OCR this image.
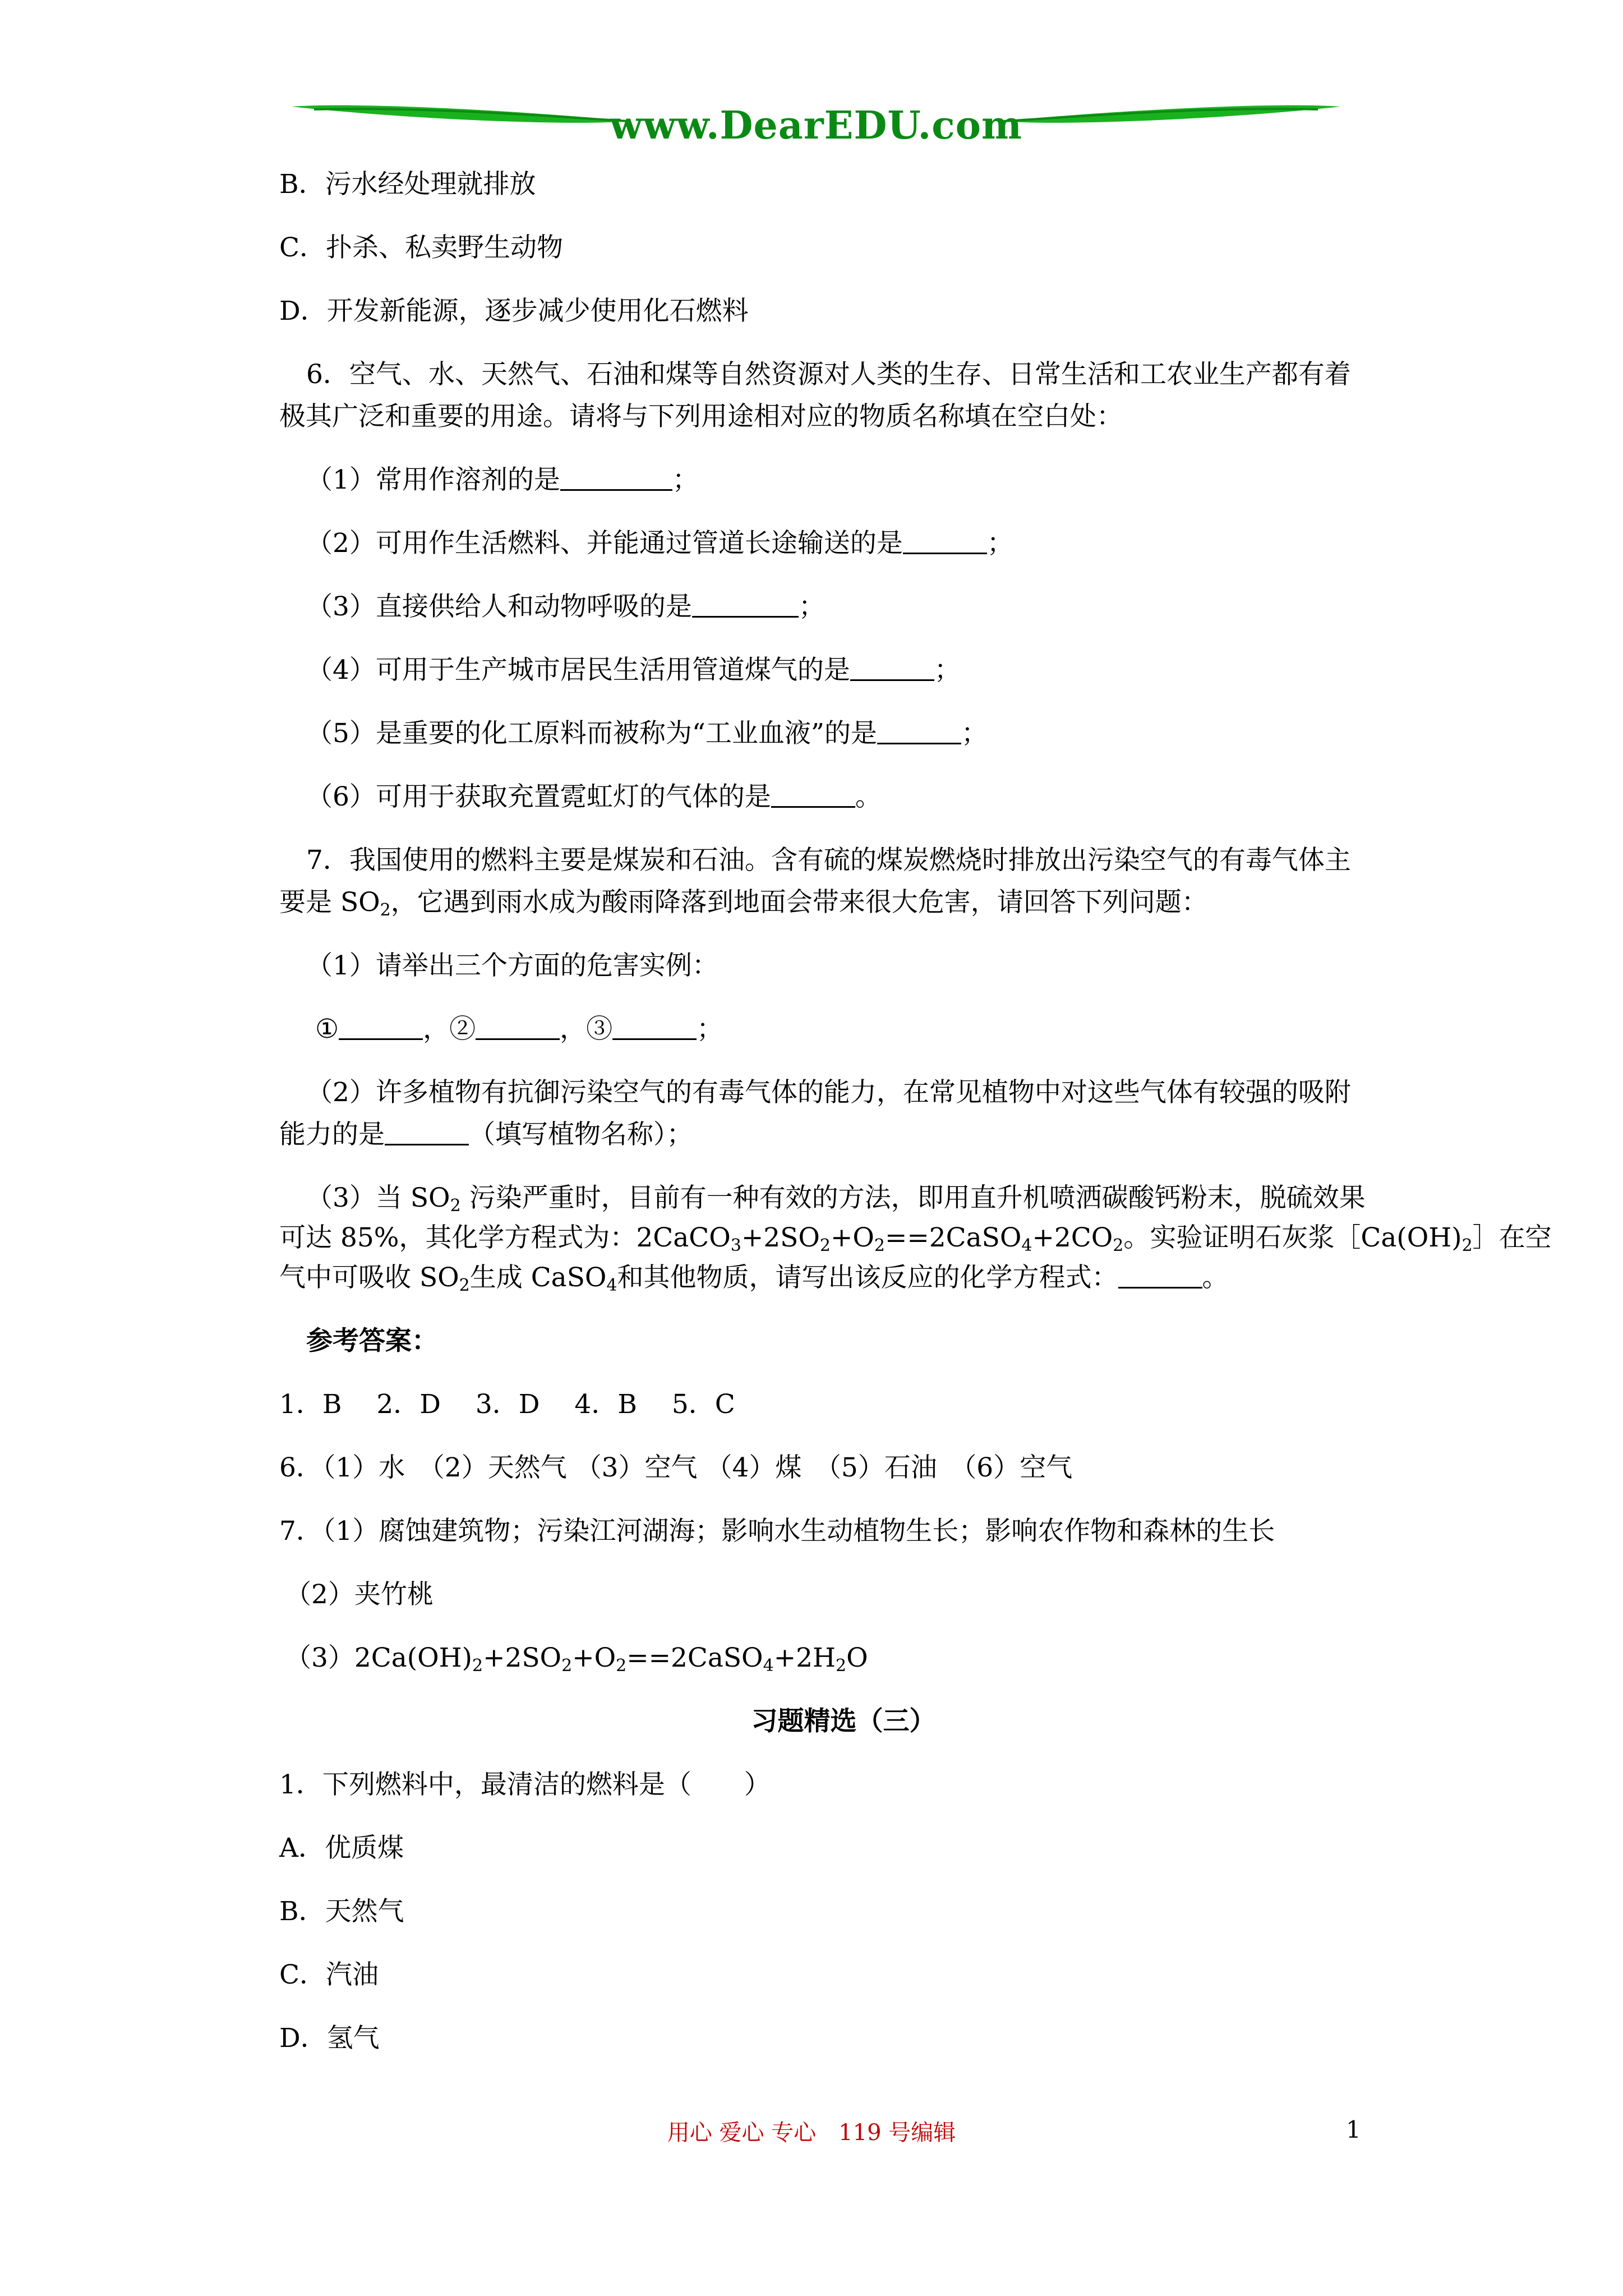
www.DearEDU.com
B．污水经处理就排放
C．扑杀、私卖野生动物
D．开发新能源，逐步减少使用化石燃料
6．空气、水、天然气、石油和煤等自然资源对人类的生存、日常生活和工农业生产都有着
极其广泛和重要的用途。请将与下列用途相对应的物质名称填在空白处：
（1）常用作溶剂的是	；
（2）可用作生活燃料、并能通过管道长途输送的是	；
（3）直接供给人和动物呼吸的是	；
（4）可用于生产城市居民生活用管道煤气的是	；
（5）是重要的化工原料而被称为“工业血液”的是	；
（6）可用于获取充置霓虹灯的气体的是	。
7．我国使用的燃料主要是煤炭和石油。含有硫的煤炭燃烧时排放出污染空气的有毒气体主
要是 SO2，它遇到雨水成为酸雨降落到地面会带来很大危害，请回答下列问题：
（1）请举出三个方面的危害实例：
①	，②	，③	；
（2）许多植物有抗御污染空气的有毒气体的能力，在常见植物中对这些气体有较强的吸附
能力的是	（填写植物名称）；
（3）当 SO2 污染严重时，目前有一种有效的方法，即用直升机喷洒碳酸钙粉末，脱硫效果
可达 85%，其化学方程式为：2CaCO3+2SO2+O2==2CaSO4+2CO2。实验证明石灰浆［Ca(OH)2］在空
气中可吸收 SO2生成 CaSO4和其他物质，请写出该反应的化学方程式：	。
参考答案：
1．B　 2．D　 3．D　 4．B　 5．C
6．（1）水　（2）天然气 （3）空气 （4）煤　（5）石油　（6）空气
7．（1）腐蚀建筑物；污染江河湖海；影响水生动植物生长；影响农作物和森林的生长
（2）夹竹桃
（3）2Ca(OH)2+2SO2+O2==2CaSO4+2H2O
习题精选（三）
1．下列燃料中，最清洁的燃料是（　　）
A．优质煤
B．天然气
C．汽油
D．氢气
用心 爱心 专心　119 号编辑	1
